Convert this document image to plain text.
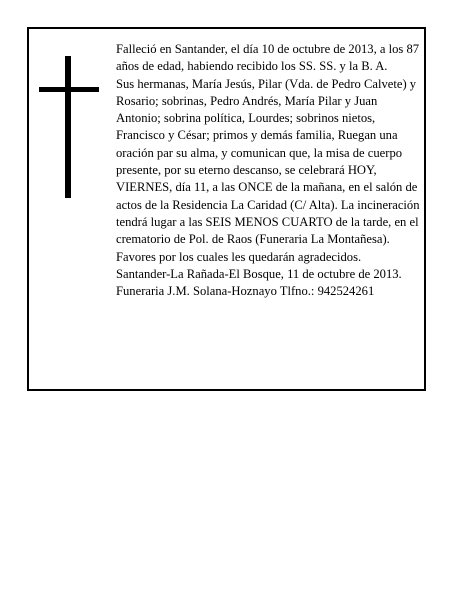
Falleció en Santander, el día 10 de octubre de 2013, a los 87 años de edad, habiendo recibido los SS. SS. y la B. A.

Sus hermanas, María Jesús, Pilar (Vda. de Pedro Calvete) y Rosario; sobrinas, Pedro Andrés, María Pilar y Juan Antonio; sobrina política, Lourdes; sobrinos nietos, Francisco y César; primos y demás familia, Ruegan una oración par su alma, y comunican que, la misa de cuerpo presente, por su eterno descanso, se celebrará HOY, VIERNES, día 11, a las ONCE de la mañana, en el salón de actos de la Residencia La Caridad (C/ Alta). La incineración tendrá lugar a las SEIS MENOS CUARTO de la tarde, en el crematorio de Pol. de Raos (Funeraria La Montañesa). Favores por los cuales les quedarán agradecidos.

Santander-La Rañada-El Bosque, 11 de octubre de 2013. Funeraria J.M. Solana-Hoznayo Tlfno.: 942524261
